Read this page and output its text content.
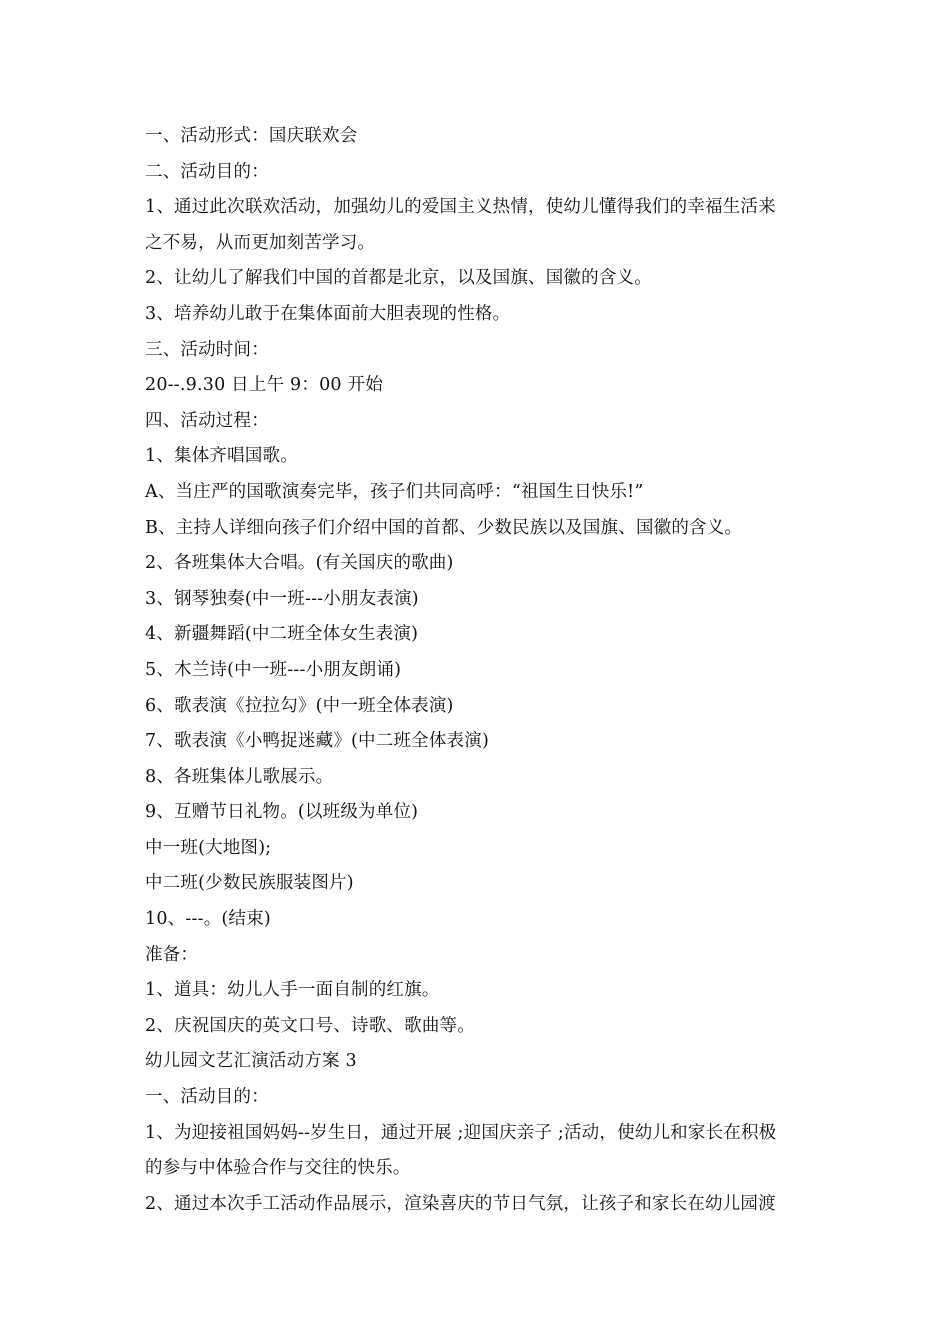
一、活动形式：国庆联欢会

二、活动目的：

1、通过此次联欢活动，加强幼儿的爱国主义热情，使幼儿懂得我们的幸福生活来

之不易，从而更加刻苦学习。

2、让幼儿了解我们中国的首都是北京，以及国旗、国徽的含义。

3、培养幼儿敢于在集体面前大胆表现的性格。

三、活动时间：

20--.9.30 日上午 9：00 开始

四、活动过程：

1、集体齐唱国歌。

A、当庄严的国歌演奏完毕，孩子们共同高呼：“祖国生日快乐!”

B、主持人详细向孩子们介绍中国的首都、少数民族以及国旗、国徽的含义。

2、各班集体大合唱。(有关国庆的歌曲)

3、钢琴独奏(中一班---小朋友表演)

4、新疆舞蹈(中二班全体女生表演)

5、木兰诗(中一班---小朋友朗诵)

6、歌表演《拉拉勾》(中一班全体表演)

7、歌表演《小鸭捉迷藏》(中二班全体表演)

8、各班集体儿歌展示。

9、互赠节日礼物。(以班级为单位)

中一班(大地图);

中二班(少数民族服装图片)

10、---。(结束)

准备：

1、道具：幼儿人手一面自制的红旗。

2、庆祝国庆的英文口号、诗歌、歌曲等。

幼儿园文艺汇演活动方案 3

一、活动目的：

1、为迎接祖国妈妈--岁生日，通过开展 ;迎国庆亲子 ;活动，使幼儿和家长在积极

的参与中体验合作与交往的快乐。

2、通过本次手工活动作品展示，渲染喜庆的节日气氛，让孩子和家长在幼儿园渡
